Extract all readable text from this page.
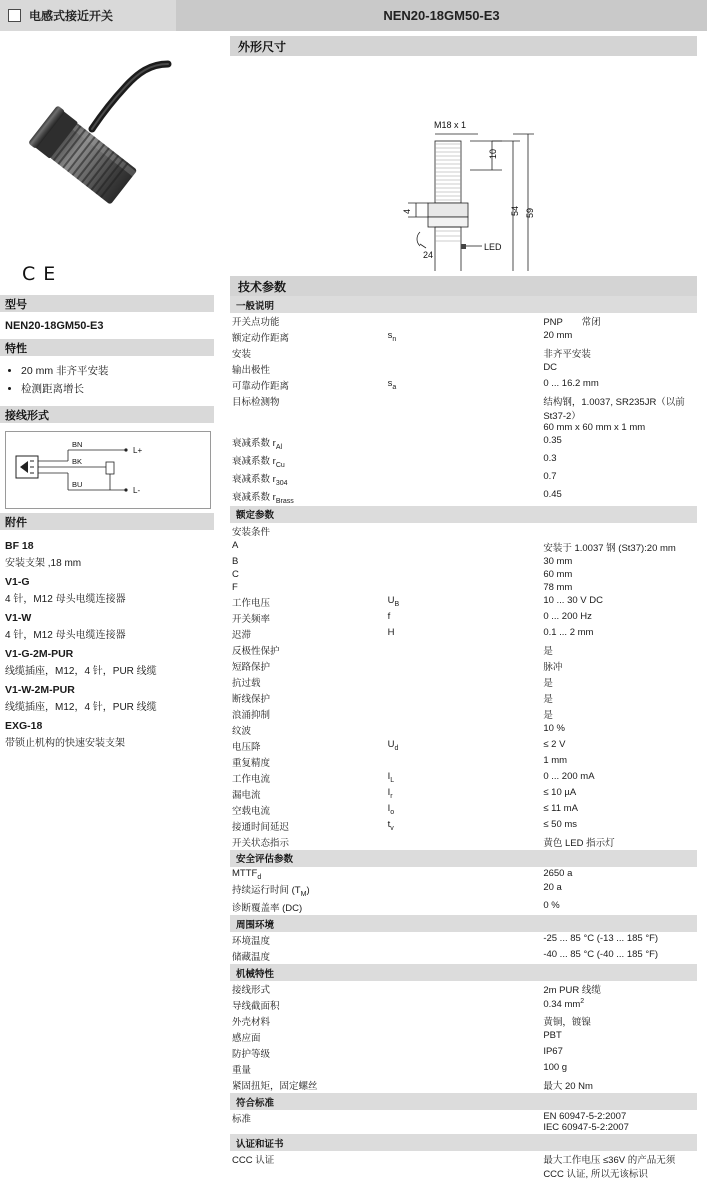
电感式接近开关	NEN20-18GM50-E3
C E
型号
NEN20-18GM50-E3
特性
• 20 mm 非齐平安装
• 检测距离增长
接线形式
BN
BK
BU
L+
L-
附件
BF 18
安装支架 ,18 mm
V1-G
4 针，M12 母头电缆连接器
V1-W
4 针，M12 母头电缆连接器
V1-G-2M-PUR
线缆插座，M12，4 针，PUR 线缆
V1-W-2M-PUR
线缆插座，M12，4 针，PUR 线缆
EXG-18
带锁止机构的快速安装支架
外形尺寸
M18 x 1
10
54 59
4
24
LED
技术参数
一般说明		
开关点功能		PNP　　常闭
额定动作距离	$s_n$	20 mm
安装		非齐平安装
输出极性		DC
可靠动作距离	$s_a$	0 ... 16.2 mm
目标检测物		结构钢，1.0037, SR235JR（以前 St37-2）
60 mm x 60 mm x 1 mm
衰减系数 $r_{Al}$		0.35
衰减系数 $r_{Cu}$		0.3
衰减系数 $r_{304}$		0.7
衰减系数 $r_{Brass}$		0.45
额定参数		
安装条件		
A		安装于 1.0037 钢 (St37):20 mm
B		30 mm
C		60 mm
F		78 mm
工作电压	$U_B$	10 ... 30 V DC
开关频率	f	0 ... 200 Hz
迟滞	H	0.1 ... 2 mm
反极性保护		是
短路保护		脉冲
抗过载		是
断线保护		是
浪涌抑制		是
纹波		10 %
电压降	$U_d$	≤ 2 V
重复精度		1 mm
工作电流	$I_L$	0 ... 200 mA
漏电流	$I_r$	≤ 10 µA
空载电流	$I_o$	≤ 11 mA
接通时间延迟	$t_v$	≤ 50 ms
开关状态指示		黄色 LED 指示灯
安全评估参数		
$MTTF_d$		2650 a
持续运行时间 $(T_M)$		20 a
诊断覆盖率 (DC)		0 %
周围环境		
环境温度		-25 ... 85 °C (-13 ... 185 °F)
储藏温度		-40 ... 85 °C (-40 ... 185 °F)
机械特性		
接线形式		2m PUR 线缆
导线截面积		0.34 $mm^2$
外壳材料		黄铜，镀镍
感应面		PBT
防护等级		IP67
重量		100 g
紧固扭矩，固定螺丝		最大 20 Nm
符合标准		
标准		EN 60947-5-2:2007
IEC 60947-5-2:2007
认证和证书		
CCC 认证		最大工作电压 ≤36V 的产品无须 CCC 认证, 所以无该标识
